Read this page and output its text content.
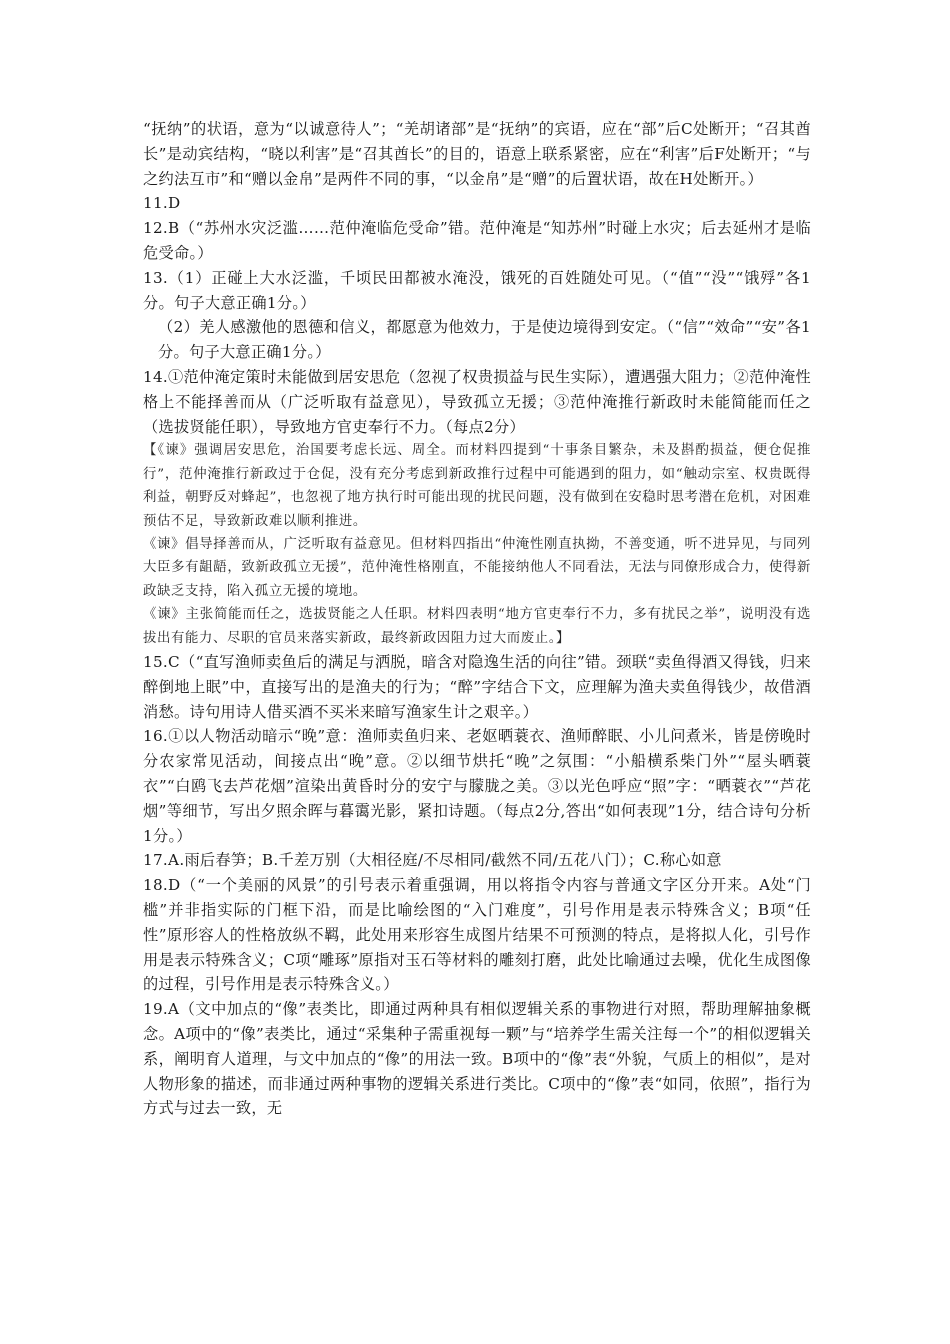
“抚纳”的状语，意为“以诚意待人”；“羌胡诸部”是“抚纳”的宾语，应在“部”后C处断开；“召其酋长”是动宾结构，“晓以利害”是“召其酋长”的目的，语意上联系紧密，应在“利害”后F处断开；“与之约法互市”和“赠以金帛”是两件不同的事，“以金帛”是“赠”的后置状语，故在H处断开。）

11.D

12.B（“苏州水灾泛滥……范仲淹临危受命”错。范仲淹是“知苏州”时碰上水灾；后去延州才是临危受命。）

13.（1）正碰上大水泛滥，千顷民田都被水淹没，饿死的百姓随处可见。（“值”“没”“饿殍”各1分。句子大意正确1分。）

（2）羌人感激他的恩德和信义，都愿意为他效力，于是使边境得到安定。（“信”“效命”“安”各1分。句子大意正确1分。）

14.①范仲淹定策时未能做到居安思危（忽视了权贵损益与民生实际），遭遇强大阻力；②范仲淹性格上不能择善而从（广泛听取有益意见），导致孤立无援；③范仲淹推行新政时未能简能而任之（选拔贤能任职），导致地方官吏奉行不力。（每点2分）

【《谏》强调居安思危，治国要考虑长远、周全。而材料四提到“十事条目繁杂，未及斟酌损益，便仓促推行”，范仲淹推行新政过于仓促，没有充分考虑到新政推行过程中可能遇到的阻力，如“触动宗室、权贵既得利益，朝野反对蜂起”，也忽视了地方执行时可能出现的扰民问题，没有做到在安稳时思考潜在危机，对困难预估不足，导致新政难以顺利推进。

《谏》倡导择善而从，广泛听取有益意见。但材料四指出“仲淹性刚直执拗，不善变通，听不进异见，与同列大臣多有龃龉，致新政孤立无援”，范仲淹性格刚直，不能接纳他人不同看法，无法与同僚形成合力，使得新政缺乏支持，陷入孤立无援的境地。

《谏》主张简能而任之，选拔贤能之人任职。材料四表明“地方官吏奉行不力，多有扰民之举”，说明没有选拔出有能力、尽职的官员来落实新政，最终新政因阻力过大而废止。】

15.C（“直写渔师卖鱼后的满足与洒脱，暗含对隐逸生活的向往”错。颈联“卖鱼得酒又得钱，归来醉倒地上眠”中，直接写出的是渔夫的行为；“醉”字结合下文，应理解为渔夫卖鱼得钱少，故借酒消愁。诗句用诗人借买酒不买米来暗写渔家生计之艰辛。）

16.①以人物活动暗示“晚”意：渔师卖鱼归来、老妪晒蓑衣、渔师醉眠、小儿问煮米，皆是傍晚时分农家常见活动，间接点出“晚”意。②以细节烘托“晚”之氛围：“小船横系柴门外”“屋头晒蓑衣”“白鸥飞去芦花烟”渲染出黄昏时分的安宁与朦胧之美。③以光色呼应“照”字：“晒蓑衣”“芦花烟”等细节，写出夕照余晖与暮霭光影，紧扣诗题。（每点2分,答出“如何表现”1分，结合诗句分析1分。）

17.A.雨后春笋；B.千差万别（大相径庭/不尽相同/截然不同/五花八门）；C.称心如意

18.D（“一个美丽的风景”的引号表示着重强调，用以将指令内容与普通文字区分开来。A处“门槛”并非指实际的门框下沿，而是比喻绘图的“入门难度”，引号作用是表示特殊含义；B项“任性”原形容人的性格放纵不羁，此处用来形容生成图片结果不可预测的特点，是将拟人化，引号作用是表示特殊含义；C项“雕琢”原指对玉石等材料的雕刻打磨，此处比喻通过去噪，优化生成图像的过程，引号作用是表示特殊含义。）

19.A（文中加点的“像”表类比，即通过两种具有相似逻辑关系的事物进行对照，帮助理解抽象概念。A项中的“像”表类比，通过“采集种子需重视每一颗”与“培养学生需关注每一个”的相似逻辑关系，阐明育人道理，与文中加点的“像”的用法一致。B项中的“像”表“外貌，气质上的相似”，是对人物形象的描述，而非通过两种事物的逻辑关系进行类比。C项中的“像”表“如同，依照”，指行为方式与过去一致，无
